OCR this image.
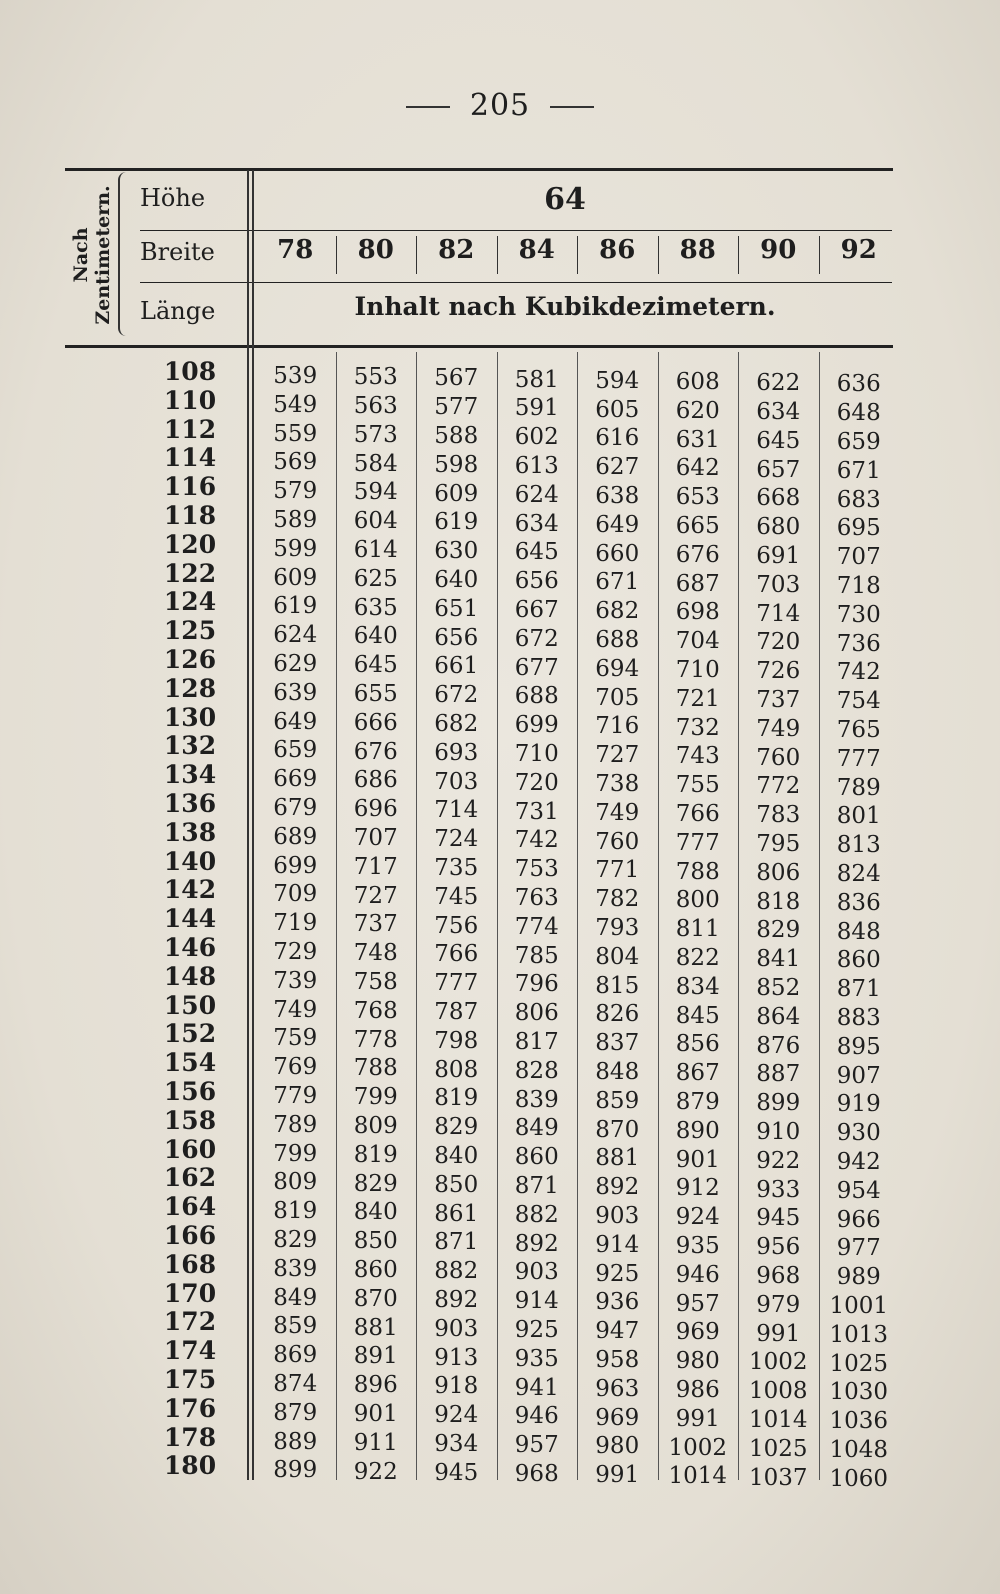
205
Nach Zentimetern. Höhe
Breite
Länge
64
Inhalt nach Kubikdezimetern.
78	80	82	84	86	88	90	92
108	539	553	567	581	594	608	622	636
110	549	563	577	591	605	620	634	648
112	559	573	588	602	616	631	645	659
114	569	584	598	613	627	642	657	671
116	579	594	609	624	638	653	668	683
118	589	604	619	634	649	665	680	695
120	599	614	630	645	660	676	691	707
122	609	625	640	656	671	687	703	718
124	619	635	651	667	682	698	714	730
125	624	640	656	672	688	704	720	736
126	629	645	661	677	694	710	726	742
128	639	655	672	688	705	721	737	754
130	649	666	682	699	716	732	749	765
132	659	676	693	710	727	743	760	777
134	669	686	703	720	738	755	772	789
136	679	696	714	731	749	766	783	801
138	689	707	724	742	760	777	795	813
140	699	717	735	753	771	788	806	824
142	709	727	745	763	782	800	818	836
144	719	737	756	774	793	811	829	848
146	729	748	766	785	804	822	841	860
148	739	758	777	796	815	834	852	871
150	749	768	787	806	826	845	864	883
152	759	778	798	817	837	856	876	895
154	769	788	808	828	848	867	887	907
156	779	799	819	839	859	879	899	919
158	789	809	829	849	870	890	910	930
160	799	819	840	860	881	901	922	942
162	809	829	850	871	892	912	933	954
164	819	840	861	882	903	924	945	966
166	829	850	871	892	914	935	956	977
168	839	860	882	903	925	946	968	989
170	849	870	892	914	936	957	979	1001
172	859	881	903	925	947	969	991	1013
174	869	891	913	935	958	980	1002 1025
175	874	896	918	941	963	986	1008 1030
176	879	901	924	946	969	991	1014 1036
178	889	911	934	957	980	1002 1025 1048
180	899	922	945	968	991	1014 1037 1060
